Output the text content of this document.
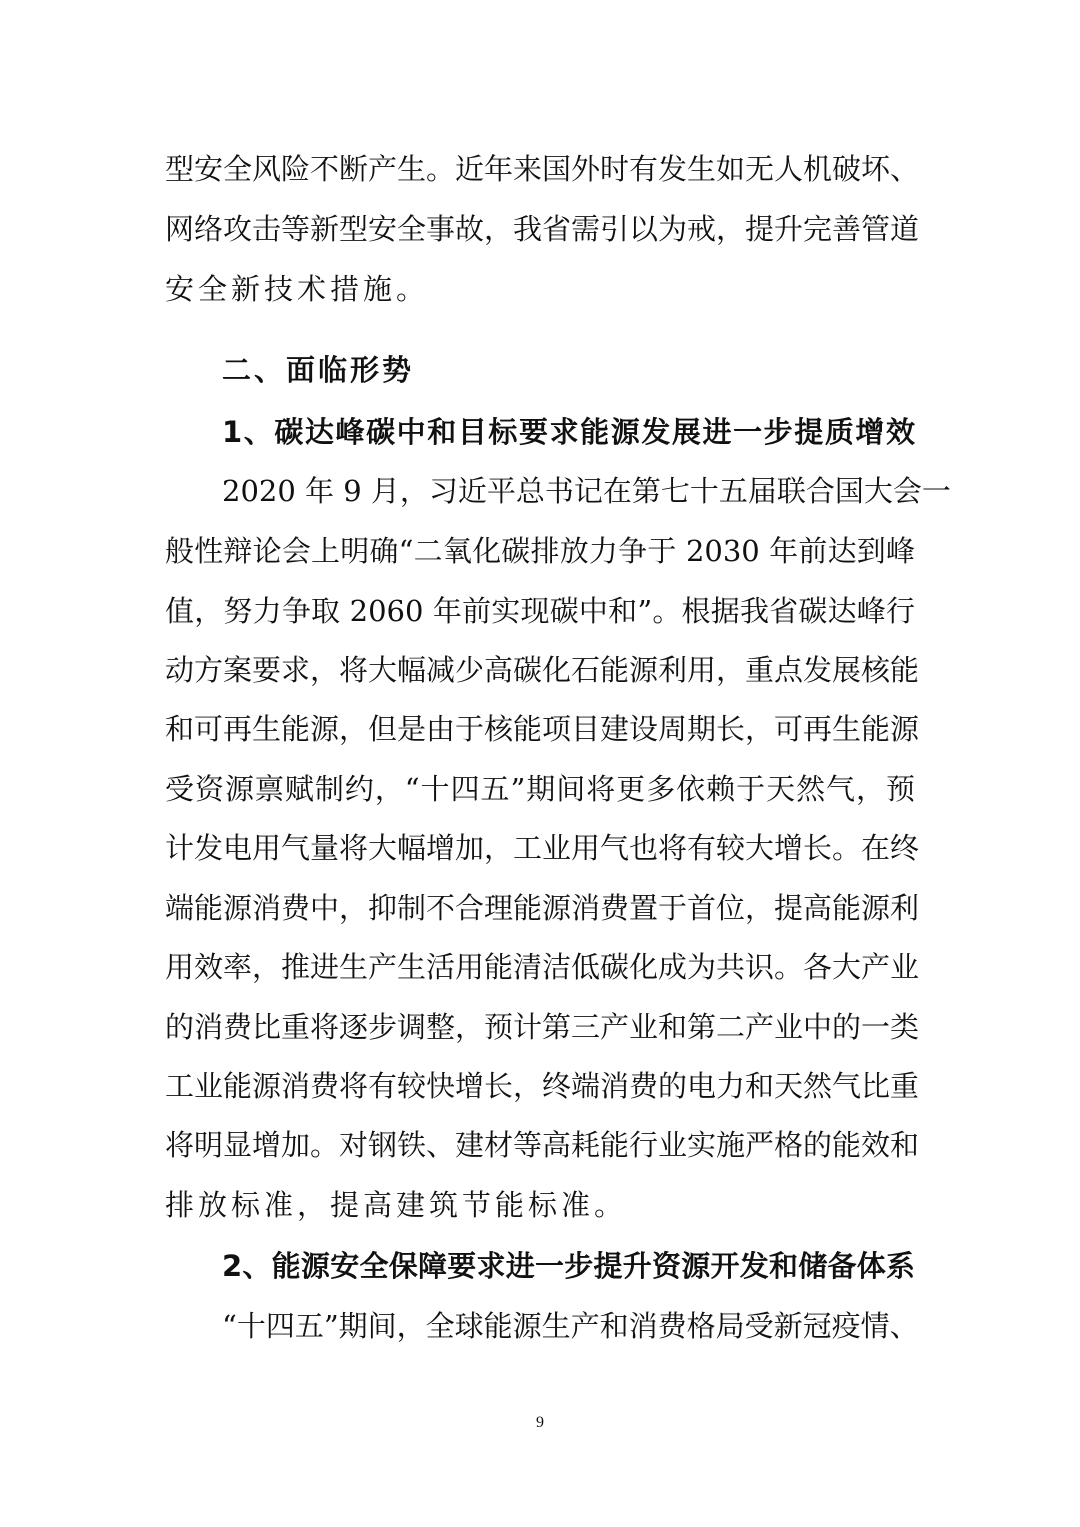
型安全风险不断产生。近年来国外时有发生如无人机破坏、
网络攻击等新型安全事故，我省需引以为戒，提升完善管道
安全新技术措施。
二、面临形势
1、碳达峰碳中和目标要求能源发展进一步提质增效
2020 年 9 月，习近平总书记在第七十五届联合国大会一
般性辩论会上明确“二氧化碳排放力争于 2030 年前达到峰
值，努力争取 2060 年前实现碳中和”。根据我省碳达峰行
动方案要求，将大幅减少高碳化石能源利用，重点发展核能
和可再生能源，但是由于核能项目建设周期长，可再生能源
受资源禀赋制约，“十四五”期间将更多依赖于天然气，预
计发电用气量将大幅增加，工业用气也将有较大增长。在终
端能源消费中，抑制不合理能源消费置于首位，提高能源利
用效率，推进生产生活用能清洁低碳化成为共识。各大产业
的消费比重将逐步调整，预计第三产业和第二产业中的一类
工业能源消费将有较快增长，终端消费的电力和天然气比重
将明显增加。对钢铁、建材等高耗能行业实施严格的能效和
排放标准，提高建筑节能标准。
2、能源安全保障要求进一步提升资源开发和储备体系
“十四五”期间，全球能源生产和消费格局受新冠疫情、
9
